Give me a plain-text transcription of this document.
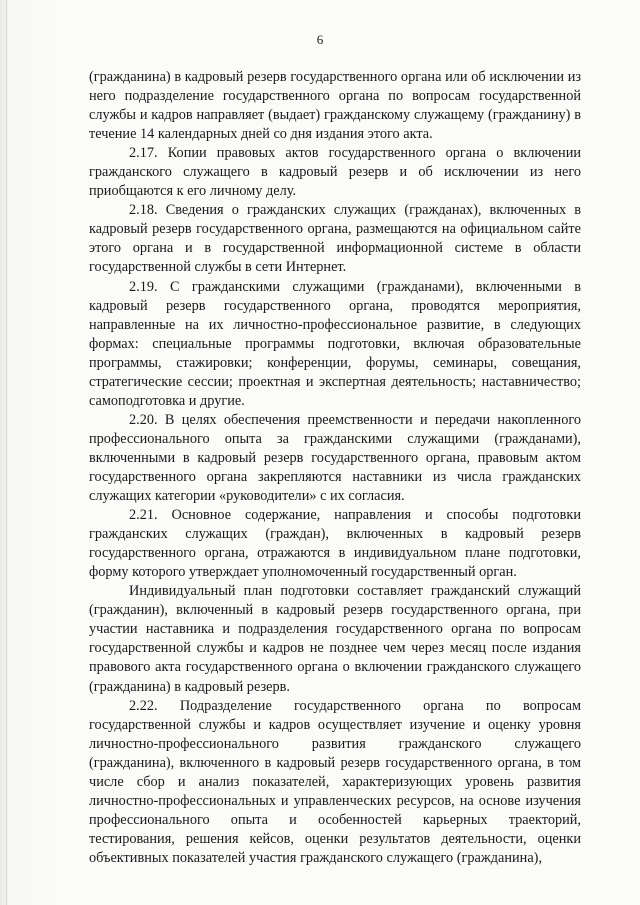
6

(гражданина) в кадровый резерв государственного органа или об исключении из него подразделение государственного органа по вопросам государственной службы и кадров направляет (выдает) гражданскому служащему (гражданину) в течение 14 календарных дней со дня издания этого акта.

2.17. Копии правовых актов государственного органа о включении гражданского служащего в кадровый резерв и об исключении из него приобщаются к его личному делу.

2.18. Сведения о гражданских служащих (гражданах), включенных в кадровый резерв государственного органа, размещаются на официальном сайте этого органа и в государственной информационной системе в области государственной службы в сети Интернет.

2.19. С гражданскими служащими (гражданами), включенными в кадровый резерв государственного органа, проводятся мероприятия, направленные на их личностно-профессиональное развитие, в следующих формах: специальные программы подготовки, включая образовательные программы, стажировки; конференции, форумы, семинары, совещания, стратегические сессии; проектная и экспертная деятельность; наставничество; самоподготовка и другие.

2.20. В целях обеспечения преемственности и передачи накопленного профессионального опыта за гражданскими служащими (гражданами), включенными в кадровый резерв государственного органа, правовым актом государственного органа закрепляются наставники из числа гражданских служащих категории «руководители» с их согласия.

2.21. Основное содержание, направления и способы подготовки гражданских служащих (граждан), включенных в кадровый резерв государственного органа, отражаются в индивидуальном плане подготовки, форму которого утверждает уполномоченный государственный орган.

Индивидуальный план подготовки составляет гражданский служащий (гражданин), включенный в кадровый резерв государственного органа, при участии наставника и подразделения государственного органа по вопросам государственной службы и кадров не позднее чем через месяц после издания правового акта государственного органа о включении гражданского служащего (гражданина) в кадровый резерв.

2.22. Подразделение государственного органа по вопросам государственной службы и кадров осуществляет изучение и оценку уровня личностно-профессионального развития гражданского служащего (гражданина), включенного в кадровый резерв государственного органа, в том числе сбор и анализ показателей, характеризующих уровень развития личностно-профессиональных и управленческих ресурсов, на основе изучения профессионального опыта и особенностей карьерных траекторий, тестирования, решения кейсов, оценки результатов деятельности, оценки объективных показателей участия гражданского служащего (гражданина),
